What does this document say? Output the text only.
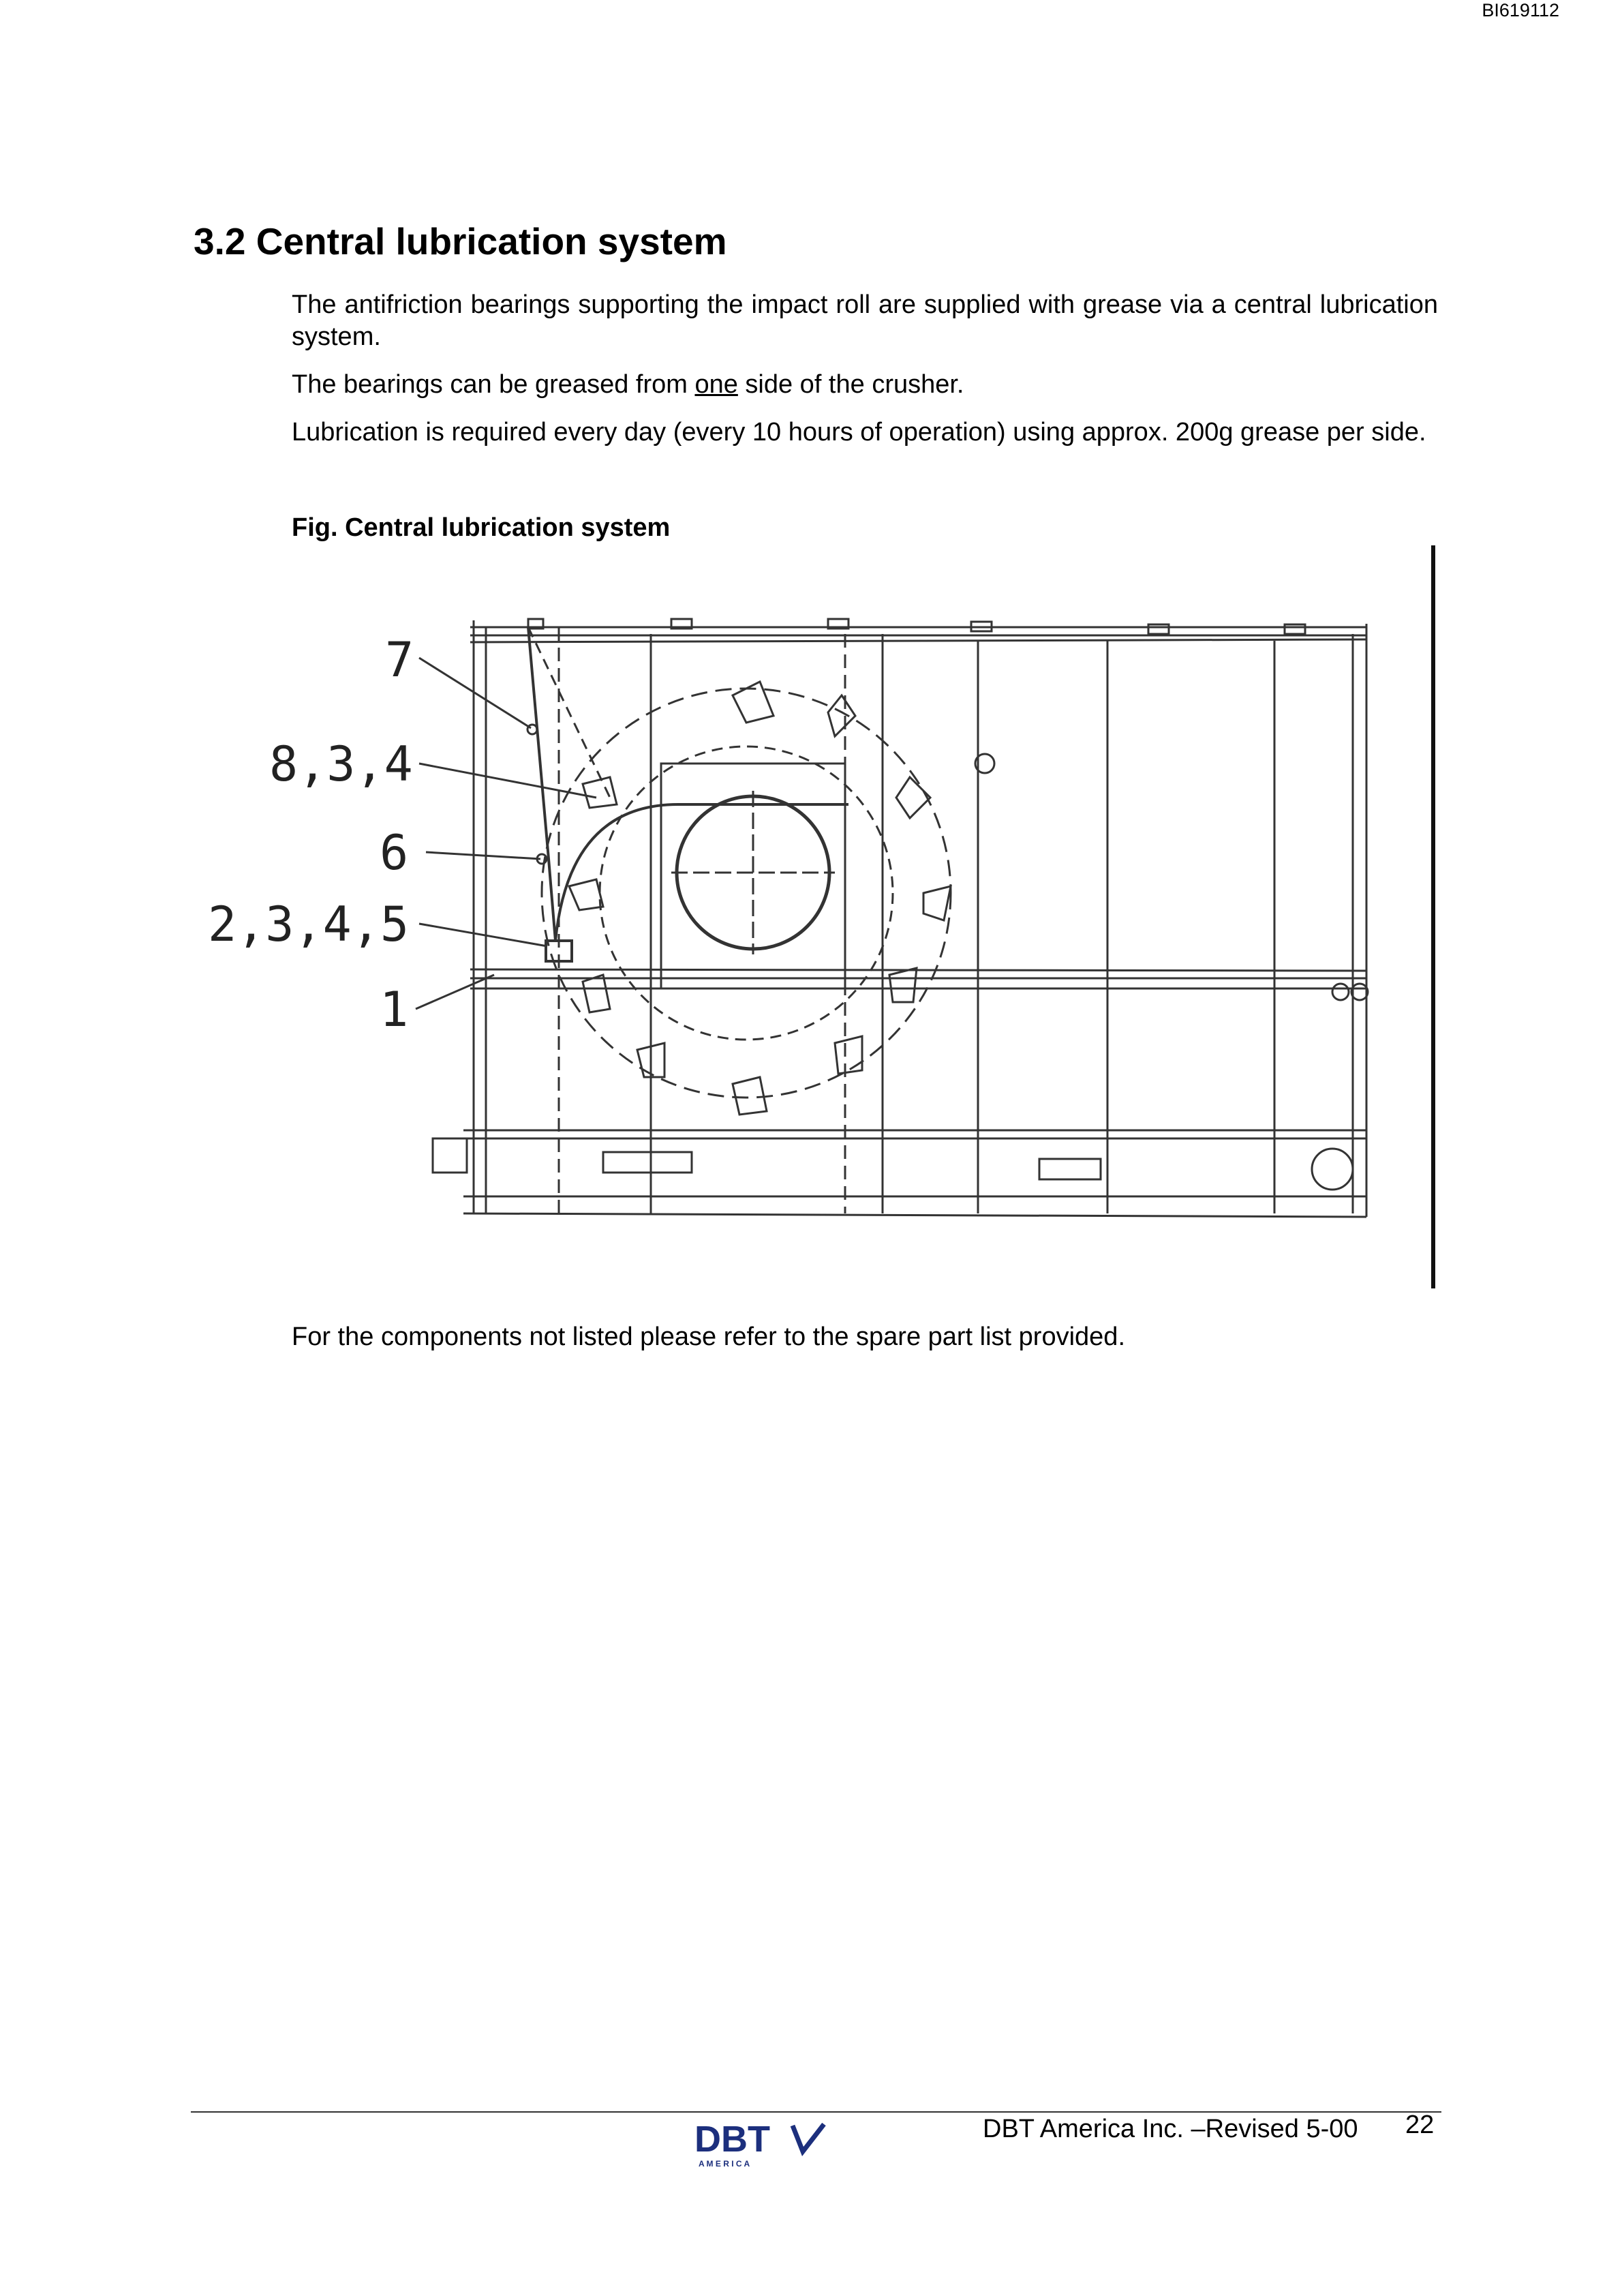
BI619112
3.2 Central lubrication system

The antifriction bearings supporting the impact roll are supplied with grease via a central lubrication system.

The bearings can be greased from one side of the crusher.

Lubrication is required every day (every 10 hours of operation) using approx. 200g grease per side.

Fig. Central lubrication system

7
8,3,4
6
2,3,4,5
1

For the components not listed please refer to the spare part list provided.

DBT
A M E R I C A
DBT America Inc. –Revised 5-00 22
